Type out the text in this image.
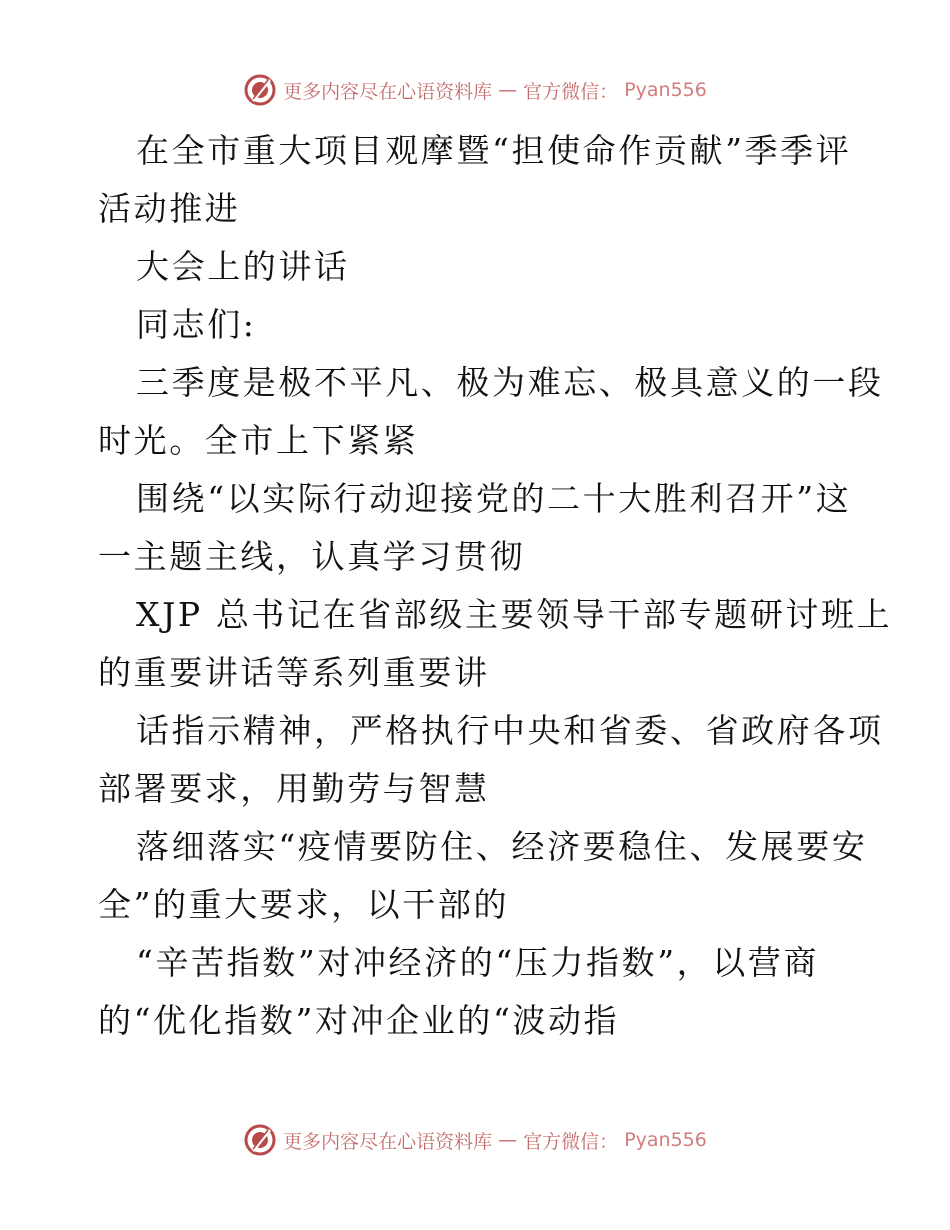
更多内容尽在心语资料库 — 官方微信： Pyan556

在全市重大项目观摩暨“担使命作贡献”季季评

活动推进

大会上的讲话

同志们:

三季度是极不平凡、极为难忘、极具意义的一段

时光。全市上下紧紧

围绕“以实际行动迎接党的二十大胜利召开”这

一主题主线，认真学习贯彻

XJP 总书记在省部级主要领导干部专题研讨班上

的重要讲话等系列重要讲

话指示精神，严格执行中央和省委、省政府各项

部署要求，用勤劳与智慧

落细落实“疫情要防住、经济要稳住、发展要安

全”的重大要求，以干部的

“辛苦指数”对冲经济的“压力指数”，以营商

的“优化指数”对冲企业的“波动指

更多内容尽在心语资料库 — 官方微信： Pyan556
